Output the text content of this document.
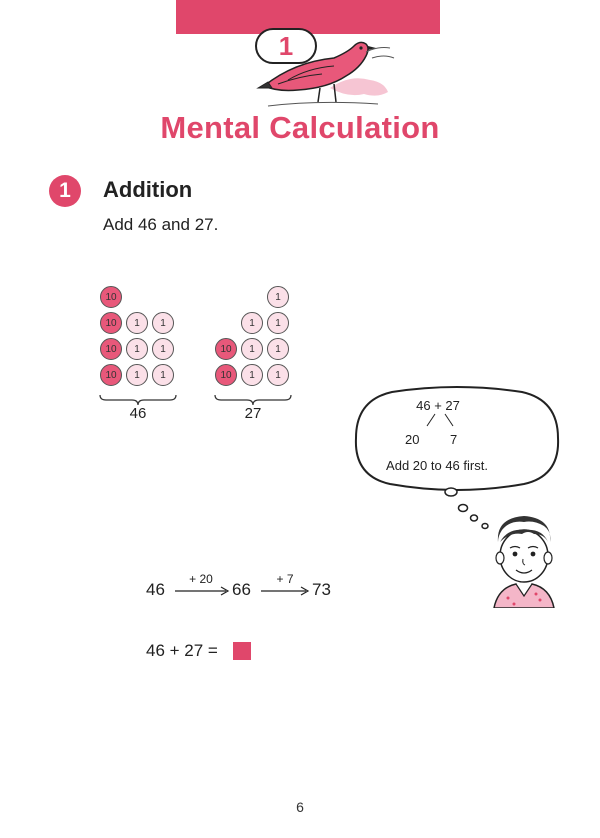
1
Mental Calculation
1	Addition
Add 46 and 27.
10
10
10
10
1	1
1	1
1	1
10
10
1	1
1	1
1	1
1
46	27	46 + 27
20 7
Add 20 to 46 first.
46
+ 20
66
+ 7
73
46 + 27 =
6
